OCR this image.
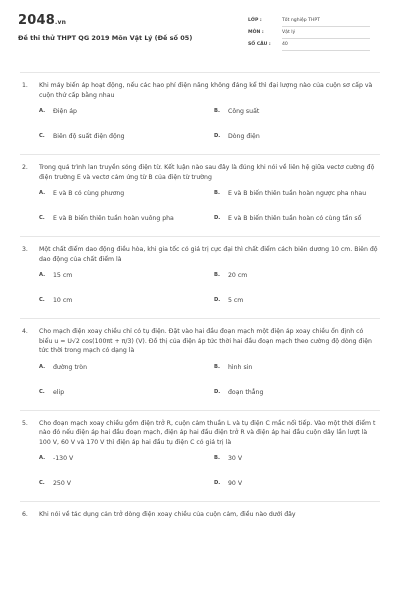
2048.vn
Đề thi thử THPT QG 2019 Môn Vật Lý (Đề số 05)
LỚP :	Tốt nghiệp THPT
MÔN :	Vật lý
SỐ CÂU :	40
1.	Khi máy biến áp hoạt động, nếu các hao phí điện năng không đáng kể thì đại lượng nào của cuộn sơ cấp và cuộn thứ cấp bằng nhau
A.	Điện áp	B.	Công suất
C.	Biên độ suất điện động	D.	Dòng điện
2.	Trong quá trình lan truyền sóng điện từ. Kết luận nào sau đây là đúng khi nói về liên hệ giữa vectơ cường độ điện trường E và vectơ cảm ứng từ B của điện từ trường
A.	E và B có cùng phương	B.	E và B biến thiên tuần hoàn ngược pha nhau
C.	E và B biến thiên tuần hoàn vuông pha	D.	E và B biến thiên tuần hoàn có cùng tần số
3.	Một chất điểm dao động điều hòa, khi gia tốc có giá trị cực đại thì chất điểm cách biên dương 10 cm. Biên độ dao động của chất điểm là
A.	15 cm	B.	20 cm
C.	10 cm	D.	5 cm
4.	Cho mạch điện xoay chiều chỉ có tụ điện. Đặt vào hai đầu đoạn mạch một điện áp xoay chiều ổn định có biểu u = U√2 cos(100πt + π/3) (V). Đồ thị của điện áp tức thời hai đầu đoạn mạch theo cường độ dòng điện tức thời trong mạch có dạng là
A.	đường tròn	B.	hình sin
C.	elip	D.	đoạn thẳng
5.	Cho đoạn mạch xoay chiều gồm điện trở R, cuộn cảm thuần L và tụ điện C mắc nối tiếp. Vào một thời điểm t nào đó nếu điện áp hai đầu đoạn mạch, điện áp hai đầu điện trở R và điện áp hai đầu cuộn dây lần lượt là 100 V, 60 V và 170 V thì điện áp hai đầu tụ điện C có giá trị là
A.	-130 V	B.	30 V
C.	250 V	D.	90 V
6.	Khi nói về tác dụng cản trở dòng điện xoay chiều của cuộn cảm, điều nào dưới đây
